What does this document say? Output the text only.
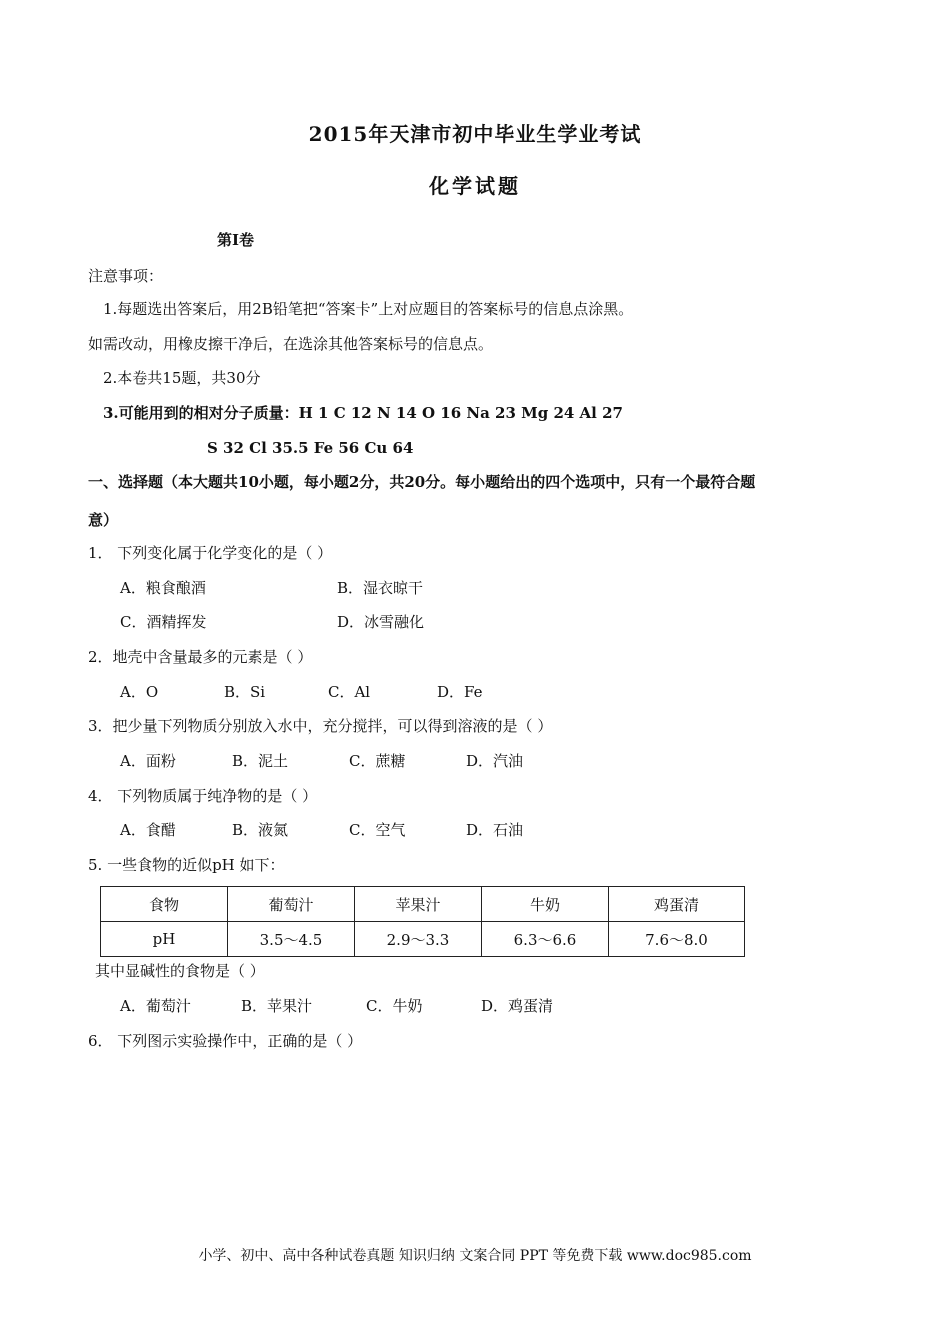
2015年天津市初中毕业生学业考试
化学试题
第I卷
注意事项：
1.每题选出答案后，用2B铅笔把“答案卡”上对应题目的答案标号的信息点涂黑。
如需改动，用橡皮擦干净后，在选涂其他答案标号的信息点。
2.本卷共15题，共30分
3.可能用到的相对分子质量：H 1 C 12 N 14 O 16 Na 23 Mg 24 Al 27
S 32 Cl 35.5 Fe 56 Cu 64
一、选择题（本大题共10小题，每小题2分，共20分。每小题给出的四个选项中，只有一个最符合题
意）
1． 下列变化属于化学变化的是（ ）
A．粮食酿酒	B．湿衣晾干
C．酒精挥发	D．冰雪融化
2．地壳中含量最多的元素是（ ）
A．O	B．Si	C．Al	D．Fe
3．把少量下列物质分别放入水中，充分搅拌，可以得到溶液的是（ ）
A．面粉	B．泥土	C．蔗糖	D．汽油
4． 下列物质属于纯净物的是（ ）
A．食醋	B．液氮	C．空气	D．石油
5. 一些食物的近似pH 如下：
食物	葡萄汁	苹果汁	牛奶	鸡蛋清
pH	3.5～4.5	2.9～3.3	6.3～6.6	7.6～8.0
其中显碱性的食物是（ ）
A．葡萄汁	B．苹果汁	C．牛奶	D．鸡蛋清
6． 下列图示实验操作中，正确的是（ ）
小学、初中、高中各种试卷真题 知识归纳 文案合同 PPT 等免费下载 www.doc985.com
